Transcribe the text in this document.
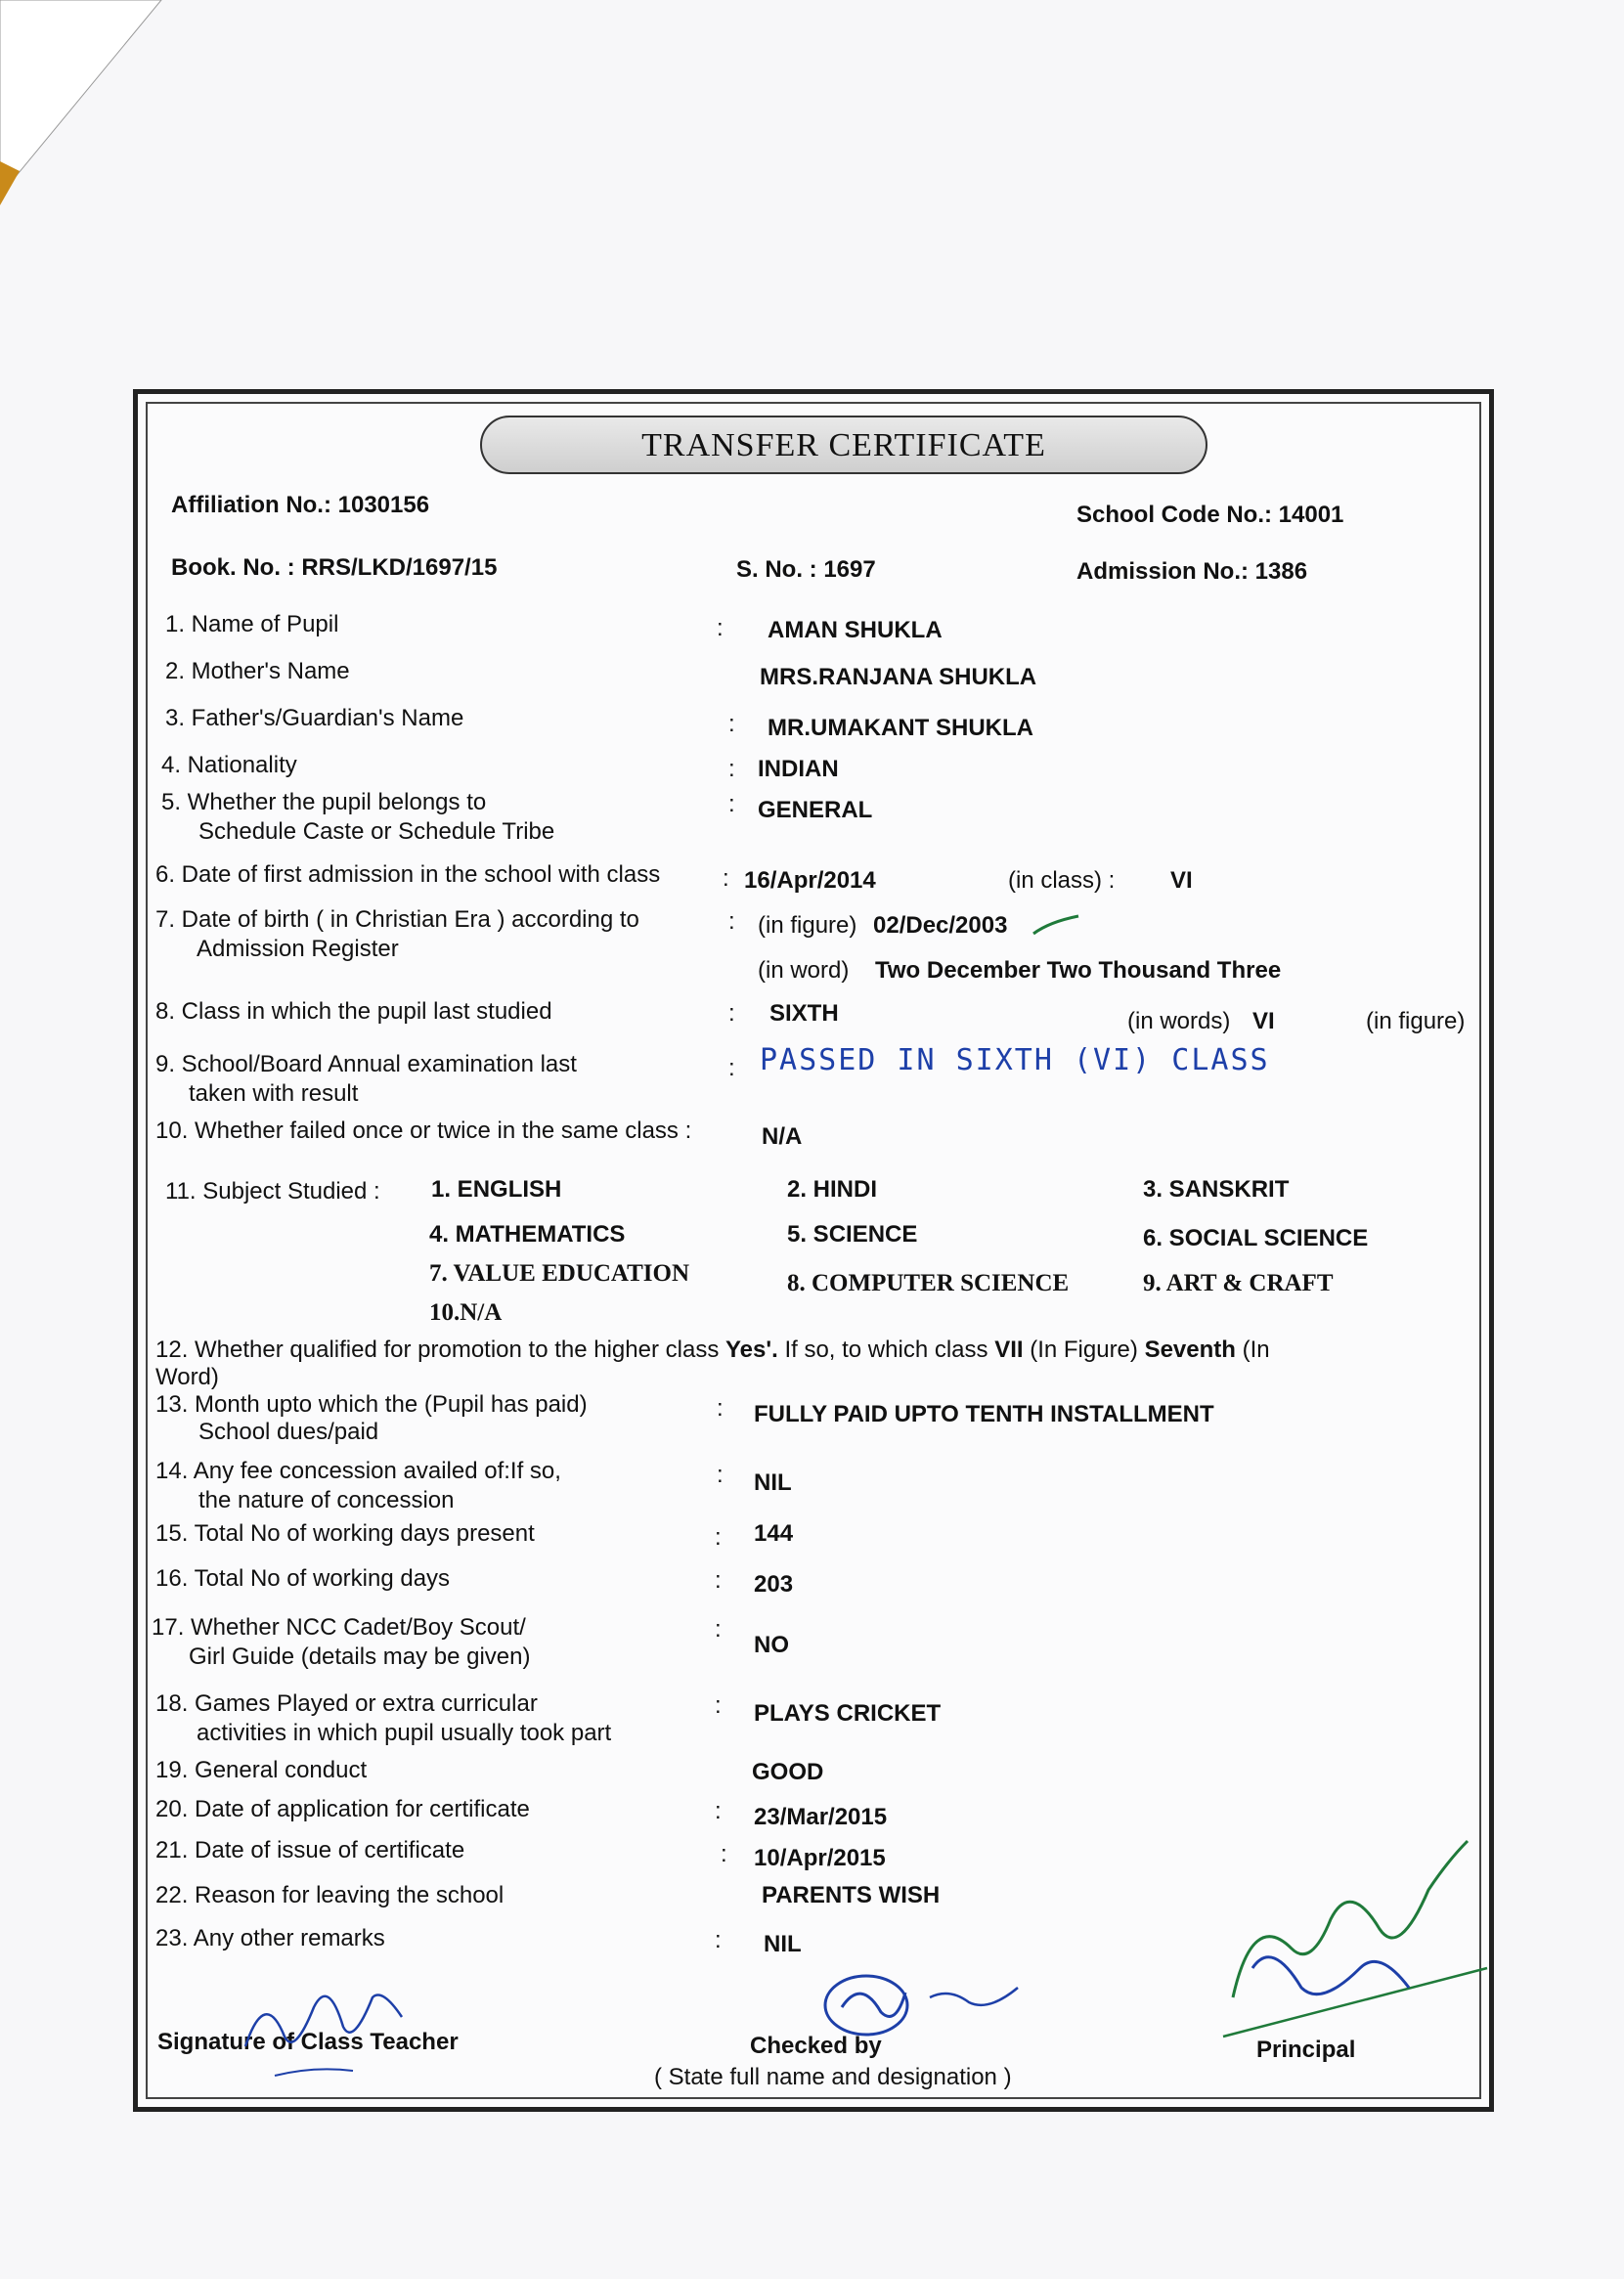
TRANSFER CERTIFICATE
Affiliation No.: 1030156	School Code No.: 14001
Book. No. : RRS/LKD/1697/15	S. No. : 1697	Admission No.: 1386
1. Name of Pupil	: AMAN SHUKLA
2. Mother's Name	MRS.RANJANA SHUKLA
3. Father's/Guardian's Name	: MR.UMAKANT SHUKLA
4. Nationality	: INDIAN
5. Whether the pupil belongs to
Schedule Caste or Schedule Tribe
: GENERAL
6. Date of first admission in the school with class	: 16/Apr/2014	(in class) : VI
7. Date of birth ( in Christian Era ) according to
Admission Register
: (in figure) 02/Dec/2003
(in word) Two December Two Thousand Three
8. Class in which the pupil last studied	: SIXTH	(in words) VI	(in figure)
9. School/Board Annual examination last
taken with result
: PASSED IN SIXTH (VI) CLASS
10. Whether failed once or twice in the same class :	N/A
11. Subject Studied : 1. ENGLISH	2. HINDI	3. SANSKRIT
4. MATHEMATICS	5. SCIENCE	6. SOCIAL SCIENCE
7. VALUE EDUCATION	8. COMPUTER SCIENCE	9. ART & CRAFT
10.N/A
12. Whether qualified for promotion to the higher class Yes'. If so, to which class VII (In Figure) Seventh (In
Word)
13. Month upto which the (Pupil has paid)
School dues/paid
: FULLY PAID UPTO TENTH INSTALLMENT
14. Any fee concession availed of:If so,
the nature of concession
: NIL
15. Total No of working days present	: 144
16. Total No of working days	: 203
17. Whether NCC Cadet/Boy Scout/
Girl Guide (details may be given)
:
NO
18. Games Played or extra curricular
activities in which pupil usually took part
: PLAYS CRICKET
19. General conduct	GOOD
20. Date of application for certificate	: 23/Mar/2015
21. Date of issue of certificate	: 10/Apr/2015
22. Reason for leaving the school	PARENTS WISH
23. Any other remarks	: NIL
Signature of Class Teacher	Checked by
( State full name and designation )
Principal
